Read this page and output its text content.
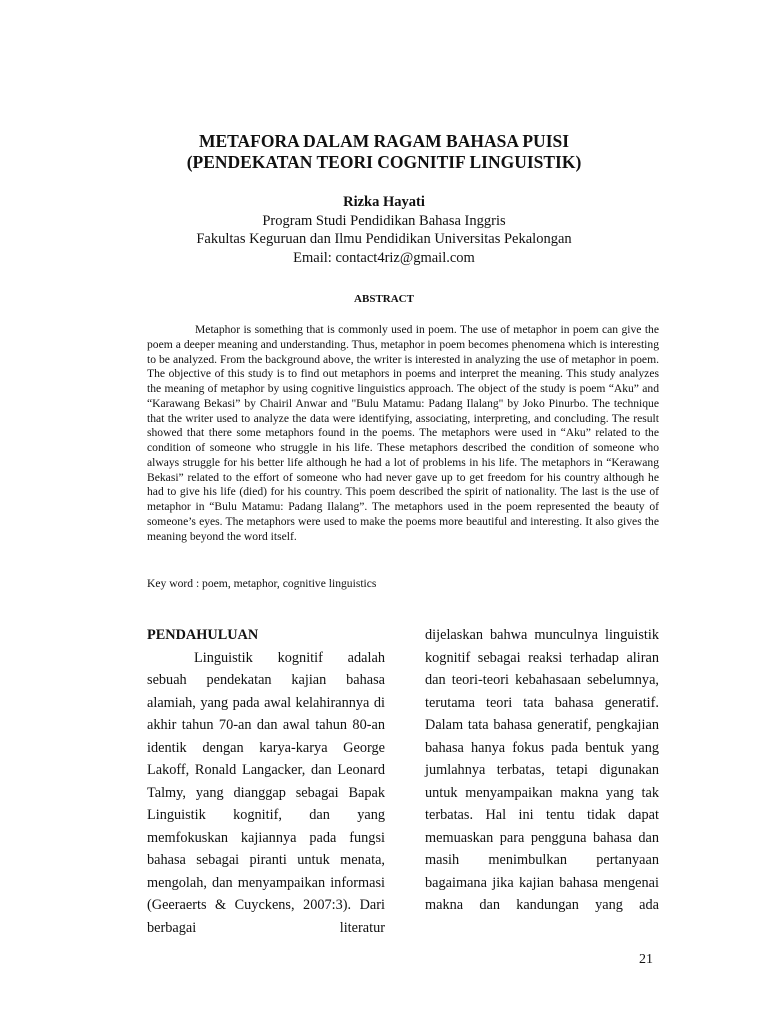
METAFORA DALAM RAGAM BAHASA PUISI
(PENDEKATAN TEORI COGNITIF LINGUISTIK)
Rizka Hayati
Program Studi Pendidikan Bahasa Inggris
Fakultas Keguruan dan Ilmu Pendidikan Universitas Pekalongan
Email: contact4riz@gmail.com
ABSTRACT

Metaphor is something that is commonly used in poem. The use of metaphor in poem can give the poem a deeper meaning and understanding. Thus, metaphor in poem becomes phenomena which is interesting to be analyzed. From the background above, the writer is interested in analyzing the use of metaphor in poem. The objective of this study is to find out metaphors in poems and interpret the meaning. This study analyzes the meaning of metaphor by using cognitive linguistics approach. The object of the study is poem “Aku” and “Karawang Bekasi” by Chairil Anwar and "Bulu Matamu: Padang Ilalang" by Joko Pinurbo. The technique that the writer used to analyze the data were identifying, associating, interpreting, and concluding. The result showed that there some metaphors found in the poems. The metaphors were used in “Aku” related to the condition of someone who struggle in his life. These metaphors described the condition of someone who always struggle for his better life although he had a lot of problems in his life. The metaphors in “Kerawang Bekasi” related to the effort of someone who had never gave up to get freedom for his country although he had to give his life (died) for his country. This poem described the spirit of nationality. The last is the use of metaphor in “Bulu Matamu: Padang Ilalang”. The metaphors used in the poem represented the beauty of someone’s eyes. The metaphors were used to make the poems more beautiful and interesting. It also gives the meaning beyond the word itself.

Key word : poem, metaphor, cognitive linguistics
PENDAHULUAN

Linguistik kognitif adalah sebuah pendekatan kajian bahasa alamiah, yang pada awal kelahirannya di akhir tahun 70-an dan awal tahun 80-an identik dengan karya-karya George Lakoff, Ronald Langacker, dan Leonard Talmy, yang dianggap sebagai Bapak Linguistik kognitif, dan yang memfokuskan kajiannya pada fungsi bahasa sebagai piranti untuk menata, mengolah, dan menyampaikan informasi (Geeraerts & Cuyckens, 2007:3). Dari berbagai literatur

dijelaskan bahwa munculnya linguistik kognitif sebagai reaksi terhadap aliran dan teori-teori kebahasaan sebelumnya, terutama teori tata bahasa generatif. Dalam tata bahasa generatif, pengkajian bahasa hanya fokus pada bentuk yang jumlahnya terbatas, tetapi digunakan untuk menyampaikan makna yang tak terbatas. Hal ini tentu tidak dapat memuaskan para pengguna bahasa dan masih menimbulkan pertanyaan bagaimana jika kajian bahasa mengenai makna dan kandungan yang ada

21
